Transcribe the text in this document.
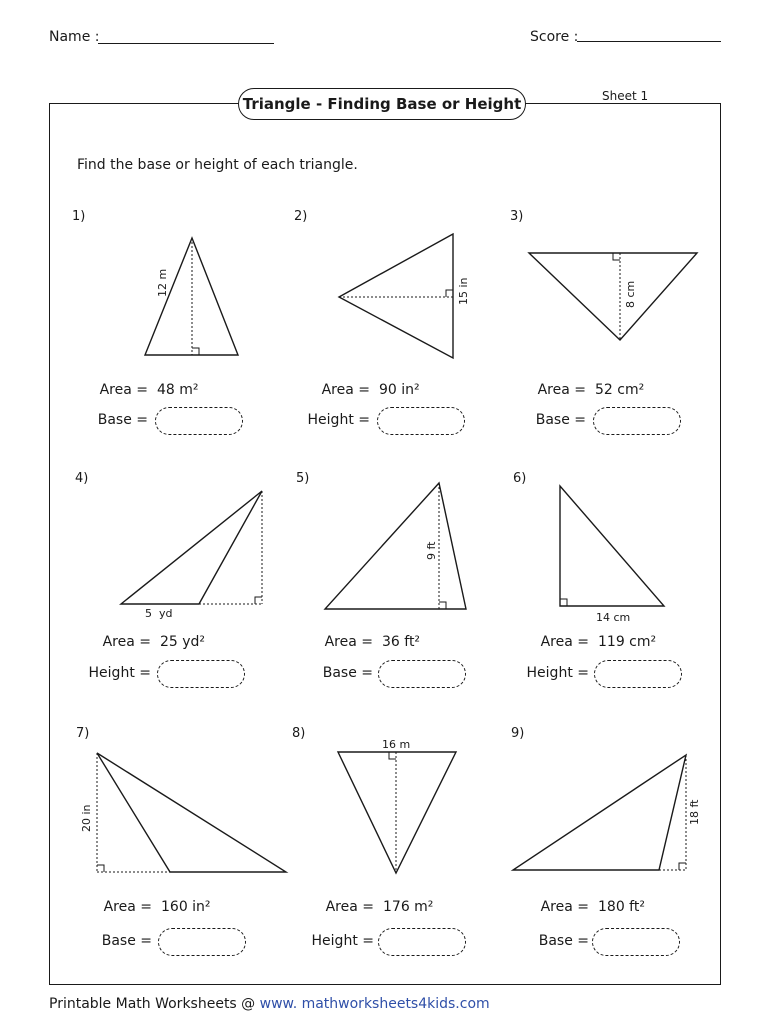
Name :	Score :
Triangle - Finding Base or Height	Sheet 1
Find the base or height of each triangle.
1)	2)	3)
4)	5)	6)
7)	8)	9)
12 m	15 in	8 cm
5  yd
9 ft
14 cm
20 in
16 m
18 ft
Area = 48 m²
Base =
Area = 90 in²
Height =
Area = 52 cm²
Base =
Area = 25 yd²
Height =
Area = 36 ft²
Base =
Area = 119 cm²
Height =
Area = 160 in²
Base =
Area = 176 m²
Height =
Area = 180 ft²
Base =
Printable Math Worksheets @ www. mathworksheets4kids.com
